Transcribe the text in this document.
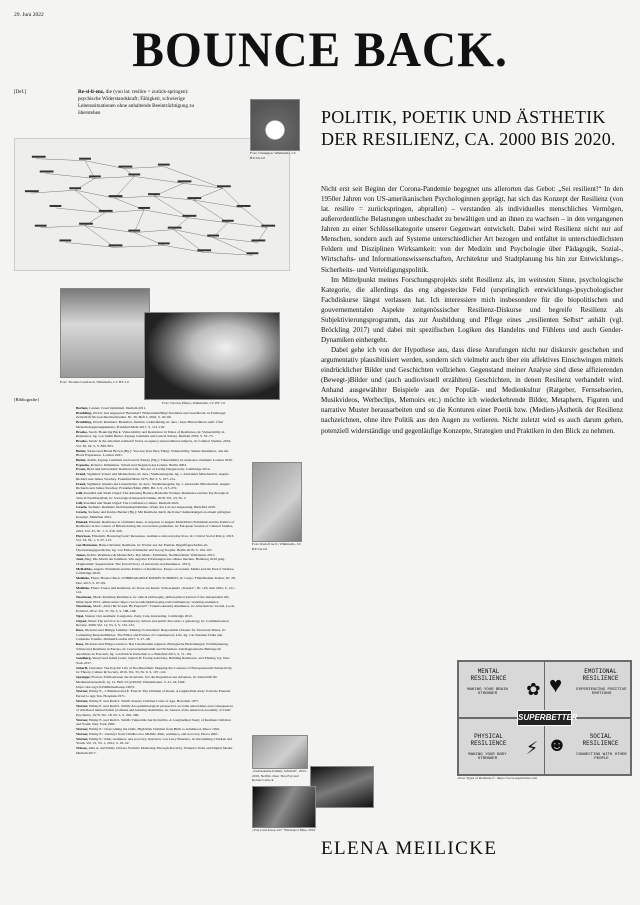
29. Juni 2022
BOUNCE BACK.
[Def.]	Re-si-li-enz, die (von lat. resilire = zurück-springen): psychische Widerstandskraft; Fähigkeit, schwierige Lebenssituationen ohne anhaltende Beeinträchtigung zu überstehen
Foto: Chanpipat, Wikimedia, CC BY-SA 4.0
POLITIK, POETIK UND ÄSTHETIK DER RESILIENZ, CA. 2000 BIS 2020.

Nicht erst seit Beginn der Corona-Pandemie begegnet uns allerorten das Gebot: „Sei resilient!“ In den 1950er Jahren von US-amerikanischen Psychologinnen geprägt, hat sich das Konzept der Resilienz (von lat. resilire = zurückspringen, abprallen) – verstanden als individuelles menschliches Vermögen, außerordentliche Belastungen unbeschadet zu bewältigen und an ihnen zu wachsen – in den vergangenen Jahren zu einer Schlüsselkategorie unserer Gegenwart entwickelt. Dabei wird Resilienz nicht nur auf Menschen, sondern auch auf Systeme unterschiedlicher Art bezogen und entfaltet in unterschiedlichsten Feldern und Disziplinen Wirksamkeit: von der Medizin und Psychologie über Pädagogik, Sozial-, Wirtschafts- und Informationswissenschaften, Architektur und Stadtplanung bis hin zur Entwicklungs-, Sicherheits- und Verteidigungspolitik.

Im Mittelpunkt meines Forschungsprojekts steht Resilienz als, im weitesten Sinne, psychologische Kategorie, die allerdings das eng abgesteckte Feld (ursprünglich entwicklungs-)psychologischer Fachdiskurse längst verlassen hat. Ich interessiere mich insbesondere für die biopolitischen und gouvernementalen Aspekte zeitgenössischer Resilienz-Diskurse und begreife Resilienz als Subjektivierungsprogramm, das zur Ausbildung und Pflege eines „resilienten Selbst“ anhält (vgl. Bröckling 2017) und dabei mit spezifischen Logiken des Handelns und Fühlens und auch Gender-Dynamiken einhergeht.

Dabei gehe ich von der Hypothese aus, dass diese Anrufungen nicht nur diskursiv geschehen und argumentativ plausibilisiert werden, sondern sich vielmehr auch über ein affektives Einschwingen mittels eindrücklicher Bilder und Geschichten vollziehen. Gegenstand meiner Analyse sind diese affizierenden (Bewegt-)Bilder und (auch audiovisuell erzählten) Geschichten, in denen Resilienz verhandelt wird. Anhand ausgewählter Beispiele aus der Populär- und Medienkultur (Ratgeber, Fernsehserien, Musikvideos, Werbeclips, Memoirs etc.) möchte ich wiederkehrende Bilder, Metaphern, Figuren und narrative Muster herausarbeiten und so die Konturen einer Poetik bzw. (Medien-)Ästhetik der Resilienz nachzeichnen, ohne ihre Politik aus den Augen zu verlieren. Nicht zuletzt wird es auch darum gehen, potenziell widerständige und gegenläufige Konzepte, Strategien und Praktiken in den Blick zu nehmen.

Foto: Thomas Lanzlasch, Wikimedia, CC BY 2.0
Foto: Nicolas Pfister, Wikimedia, CC BY 2.0
[Bibliografie]
Berlant, Lauren: Cruel Optimism. Durham 2011.
Bröckling, Ulrich: Gut angepasst? Belastbar? Widerstandsfähig? Resilienz und Geschlecht, in Freiburger Zeitschrift für GeschlechterStudien, Nr. 30, Heft 1, 2022, S. 49–66.
Bröckling, Ulrich: Resilienz. Belastbar, flexibel, widerständig, in: ders.: Gute Hirten führen sanft. Über Menschenregierungskünste. Frankfurt/Main 2017, S. 113–139.
Bracke, Sarah: Bouncing Back. Vulnerability and Resistance in Times of Resilience, in: Vulnerability in Resistance, hg. von Judith Butler, Zeynep Gambetti und Leticia Sabsay. Durham 2016, S. 52–75.
Bracke, Sarah: Is the subaltern resilient? Notes on agency and neoliberal subjects, in: Cultural Studies, 2016, Vol. 30, Nr. 5, S. 839–855.
Butler, Tarana und Brené Brown (Hg.): You Are Your Best Thing: Vulnerability, Shame Resilience, and the Black Experience. London 2021.
Butler, Judith, Zeynep Gambetti und Leticia Sabsay (Hg.): Vulnerability in resistance. Durham/ London 2016.
Esposito, Roberto: Immunitas. Schutz und Negation des Lebens. Berlin 2004.
Evans, Brad und Julian Reid: Resilient Life. The Art of Living Dangerously. Cambridge 2014.
Freud, Sigmund: Trauer und Melancholie, in: ders.: Studienausgabe, hg. v. Alexander Mitscherlich, Angela Richard und James Strachey. Frankfurt/Main 1975, Bd. 3, S. 197–212.
Freud, Sigmund: Jenseits des Lustprinzips, in: ders.: Studienausgabe, hg. v. Alexander Mitscherlich, Angela Richards und James Strachey. Frankfurt/Main 2000, Bd. 3, S. 213–272.
Gill, Rosalind und Shani Orgad: The Amazing Bounce-Backable Woman: Resilience and the Psychological Turn in Neoliberalism, in: Sociological Research Online, 2018, Vol. 23, Nr. 2.
Gill, Rosalind und Shani Orgad: The Confidence Culture. Durham 2022.
Graefe, Stefanie: Resilienz im Krisenkapitalismus. Wider das Lob der Anpassung. Bielefeld 2019.
Graefe, Stefanie und Karina Becker (Hg.): Mit Resilienz durch die Krise? Anmerkungen zu einem gefragten Konzept. München 2021.
Hamad, Hannah: Resilience is a feminist issue. A response to Angela McRobbie's Feminism and the Politics of Resilience in the context of Britain during the coronavirus pandemic, in: European Journal of Cultural Studies, 2022, Vol. 25, Nr. 1, S. 316–320.
Harrison, Elizabeth: Bouncing back? Recession, resilience and everyday lives, in: Critical Social Policy, 2013, Vol. 33, Nr. 1, S. 97–113.
von Hermann, Hans-Christian: Resilienz, in: Wörter aus der Fremde. Begriffsgeschichte als Übersetzungsgeschichte, hg. von Falko Schmieder und Georg Toepfer. Berlin 2018, S. 194–197.
James, Robin: Resilience & Melancholy. Pop Music, Feminism, Neoliberalism. Winchester 2015.
Juul, Meg: Die Macht der Kindheit. Wie negative Erfahrungen uns stärker machen. Hamburg 2016 [eng. Originaltitel: Supernormal. The Untold Story of Adversity and Resilience. 2017].
McRobbie, Angela: Feminism and the Politics of Resilience. Essays on Gender, Media and the End of Welfare. Cambridge 2020.
Meilicke, Elena: Bounce Back. UNBREAKABLE KIMMY SCHMIDT, in: Cargo. Film/Medien/ Kultur, Nr. 28, Dez. 2015, S. 67–69.
Meilicke, Elena: Trauer und Resilienz, in: Texte zur Kunst: Schwerpunkt „Trauern“, Nr. 126, Juni 2022, S. 121–141.
Neocleous, Mark: Resisting Resilience, in: radical philosophy, philosophical journal of the independent left, März/April 2013, online unter: https://www.radicalphilosophy.com/commentary/ resisting-resilience.
Neocleous, Mark: „Don't Be Scared, Be Prepared“: Trauma-Anxiety-Resilience, in: Alternatives: Global, Local, Political, 2012, Vol. 37, Nr. 3, S. 188–198.
Ngai, Sianne: Our Aesthetic Categories. Zany, Cute, Interesting. Cambridge 2012.
Orgad, Shani: The survivor in contemporary culture and public discourse: a genealogy, in: Communication Review, 2009, Vol. 12, Nr. 2, S. 132–161.
Rees, Nicholas und Philipp Lemmer: Making Us Resilient: Responsible Citizens for Uncertain Times, in: Competing Responsibilities. The Ethics and Politics of Contemporary Life, hg. von Susanna Trnka und Catherine Trundle. Durham/London 2017, S. 27–48.
Rees, Nicholas und Filippa Lentzos: Das Unsicherheit regieren. Biologische Bedrohungen, Notfallplanung, Schutz und Resilienz in Europa, in: Gouvernementalität und Sicherheit. Zeitdiagnostische Beiträge im Anschluss an Foucault, hg. von Patricia Purtschert u.a. Bielefeld 2015, S. 71–101.
Sandberg, Sheryl und Adam Grant: Option B. Facing Adversity, Building Resilience, and Finding Joy. New York 2017.
Scharff, Christina: The Psychic Life of Neoliberalism: Mapping the Contours of Entrepreneurial Subjectivity, in: Theory, Culture & Society, 2016, Vol. 33, Nr. 6, S. 107–122.
Sprenger, Florian: Zivilisationen der Kontrolle. Vor der Regulation zur Adaption, in: Zeitschrift für Medienwissenschaft, Jg. 12, Heft 23 (2/2020): Zirkulationen, S. 41–54, DOI: https://doi.org/10.25969/mediarep/14872.
Werner, Emmy E., J. Bierman und E. French: The Children of Kauai. A longitudinal study from the Prenatal Period to Age Ten. Honolulu 1971.
Werner, Emmy E. und Ruth S. Smith: Kauai's Children Come of Age. Honolulu 1977.
Werner, Emmy E. und Ruth S. Smith: An epidemiological perspective on some antecedents and consequences of childhood mental health problems and learning disabilities, in: Journal of the American Academy of Child Psychiatry, 1979, Vol. 18, Nr. 2, S. 292–306.
Werner, Emmy E. und Ruth S. Smith: Vulnerable but Invincible. A Longitudinal Study of Resilient Children and Youth. New York 1982.
Werner, Emmy E.: Overcoming the Odds. High Risk Children from Birth to Adulthood. Ithaca 1992.
Werner, Emmy E.: Journeys from Childhood to Midlife. Risk, resilience, and recovery. Ithaca 2001.
Werner, Emmy E.: Risk, resilience, and recovery. Interview von Larry Brendtro, in: Reclaiming Children and Youth, Vol. 21, Nr. 1, 2012, S. 18–22.
Wilson, Julia A. und Emily Chivers Yochim: Mothering Through Precarity. Women's Work and Digital Media. Durham 2017.
Foto: Rudolf ter P., Wikimedia, CC BY-SA 4.0
„Unbreakable Kimmy Schmidt“, 2015–2019, Netflix, Idee: Tina Fey und Robert Carlock
„You Can't Keep Us!“ Werbespot Nike, 2019
MENTAL RESILIENCE
MAKING YOUR BRAIN STRONGER	✿
EMOTIONAL RESILIENCE
EXPERIENCING POSITIVE EMOTIONS
♥
PHYSICAL RESILIENCE
MAKING YOUR BODY STRONGER	⚡
SOCIAL RESILIENCE
CONNECTING WITH OTHER PEOPLE
☻
SUPERBETTER
„Four Types of Resilience“, https://www.superbetter.com
ELENA MEILICKE
